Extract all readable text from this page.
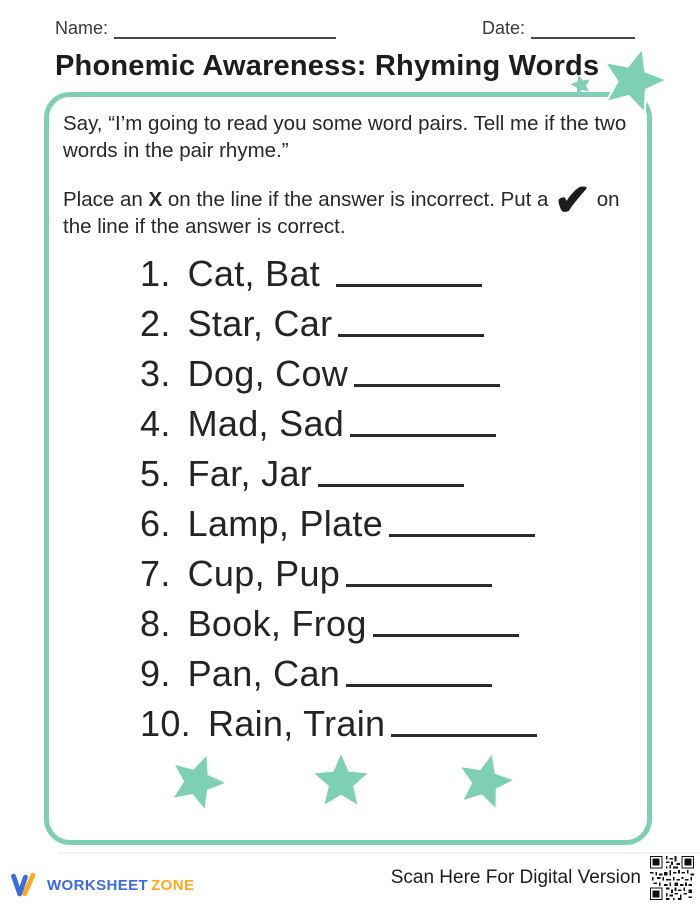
Name:	Date:
Phonemic Awareness: Rhyming Words

Say, “I’m going to read you some word pairs. Tell me if the two words in the pair rhyme.”

Place an X on the line if the answer is incorrect. Put a ✔ on the line if the answer is correct.

1. Cat, Bat
2. Star, Car
3. Dog, Cow
4. Mad, Sad
5. Far, Jar
6. Lamp, Plate
7. Cup, Pup
8. Book, Frog
9. Pan, Can
10. Rain, Train
WORKSHEET ZONE	Scan Here For Digital Version
